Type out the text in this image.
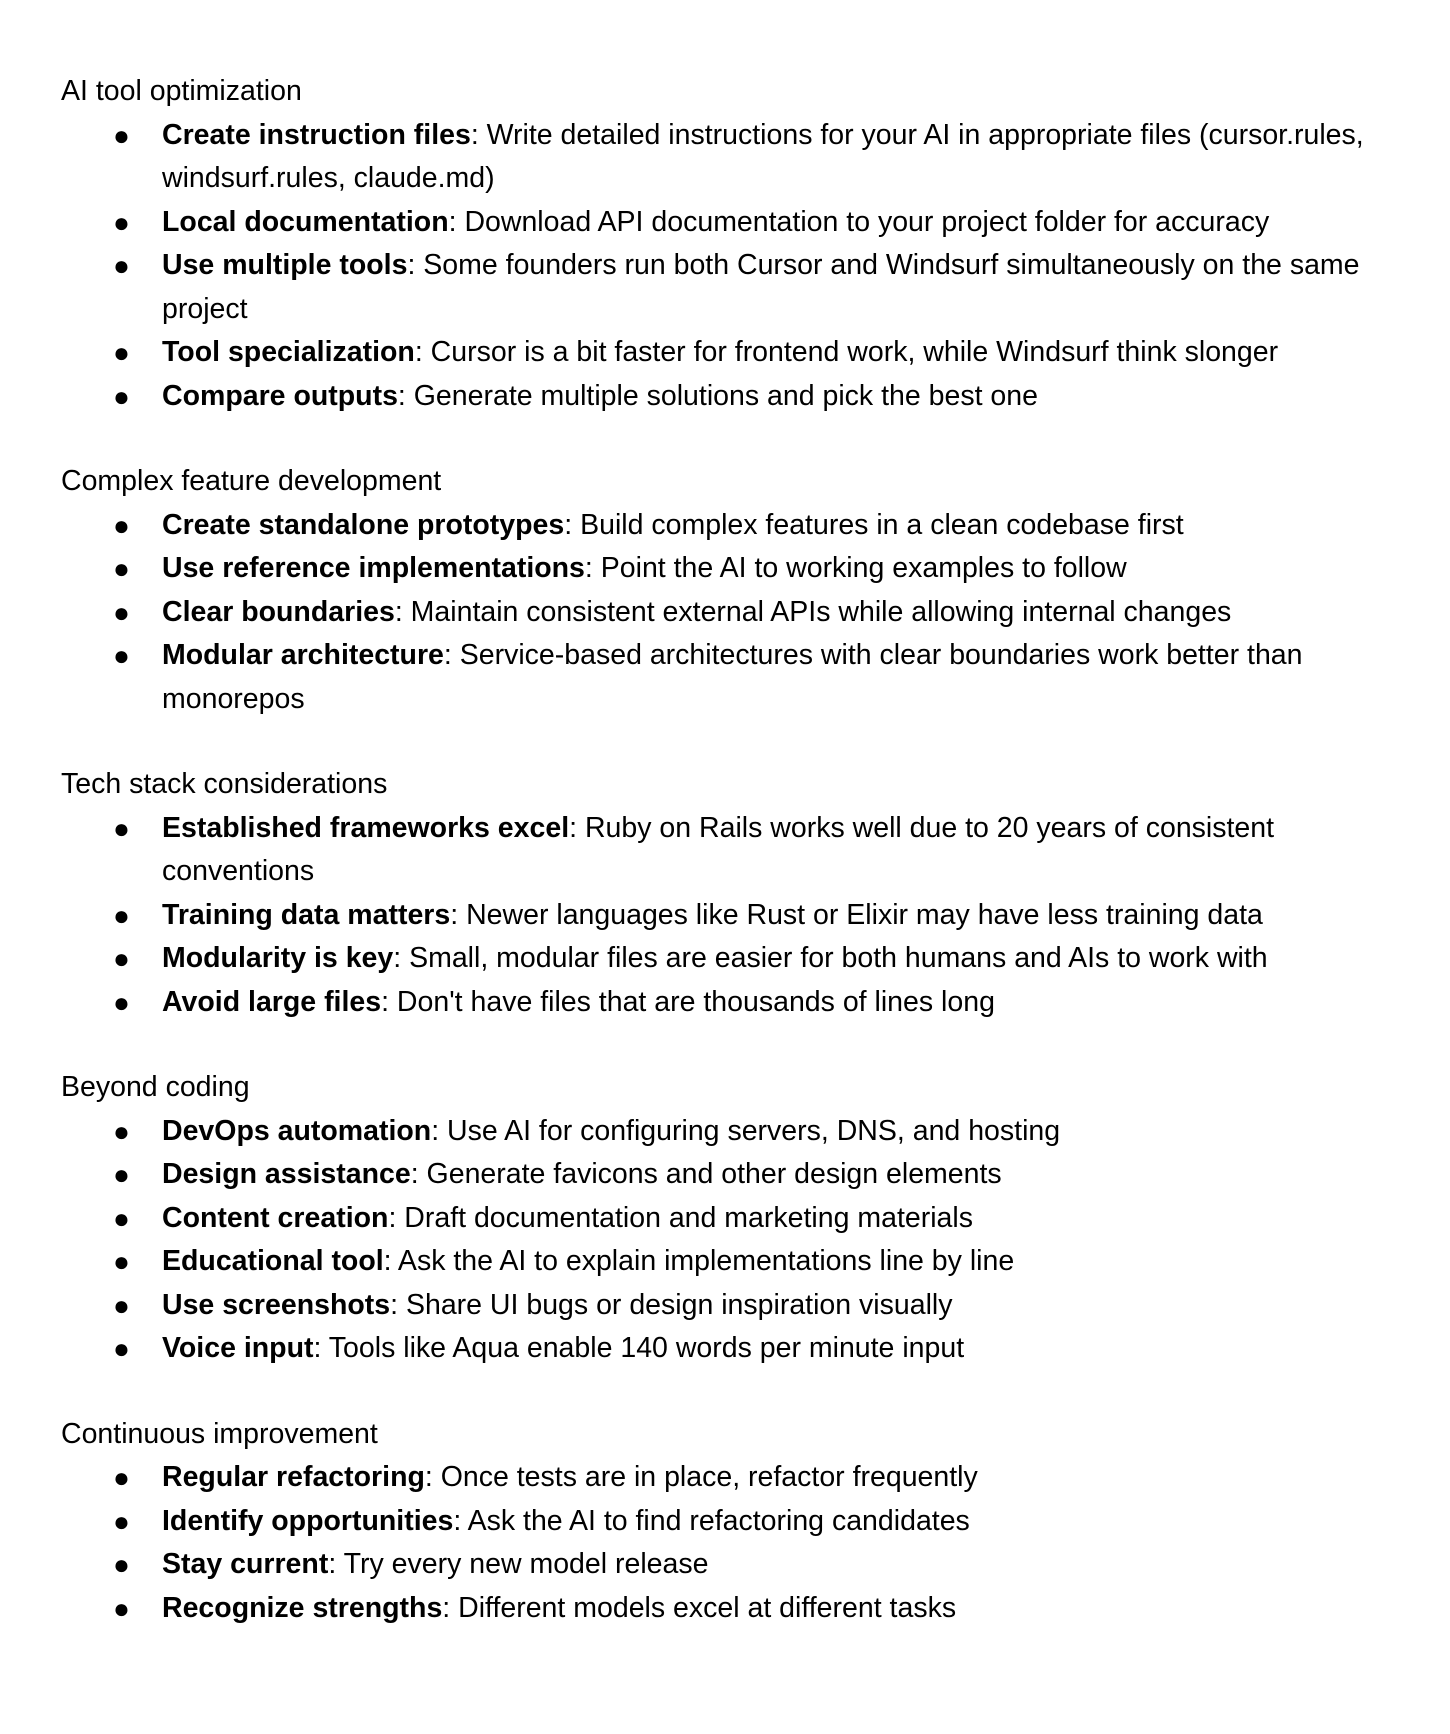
AI tool optimization
● Create instruction files: Write detailed instructions for your AI in appropriate files (cursor.rules, windsurf.rules, claude.md)
● Local documentation: Download API documentation to your project folder for accuracy
● Use multiple tools: Some founders run both Cursor and Windsurf simultaneously on the same project
● Tool specialization: Cursor is a bit faster for frontend work, while Windsurf think slonger
● Compare outputs: Generate multiple solutions and pick the best one
Complex feature development
● Create standalone prototypes: Build complex features in a clean codebase first
● Use reference implementations: Point the AI to working examples to follow
● Clear boundaries: Maintain consistent external APIs while allowing internal changes
● Modular architecture: Service-based architectures with clear boundaries work better than monorepos
Tech stack considerations
● Established frameworks excel: Ruby on Rails works well due to 20 years of consistent conventions
● Training data matters: Newer languages like Rust or Elixir may have less training data
● Modularity is key: Small, modular files are easier for both humans and AIs to work with
● Avoid large files: Don't have files that are thousands of lines long
Beyond coding
● DevOps automation: Use AI for configuring servers, DNS, and hosting
● Design assistance: Generate favicons and other design elements
● Content creation: Draft documentation and marketing materials
● Educational tool: Ask the AI to explain implementations line by line
● Use screenshots: Share UI bugs or design inspiration visually
● Voice input: Tools like Aqua enable 140 words per minute input
Continuous improvement
● Regular refactoring: Once tests are in place, refactor frequently
● Identify opportunities: Ask the AI to find refactoring candidates
● Stay current: Try every new model release
● Recognize strengths: Different models excel at different tasks
